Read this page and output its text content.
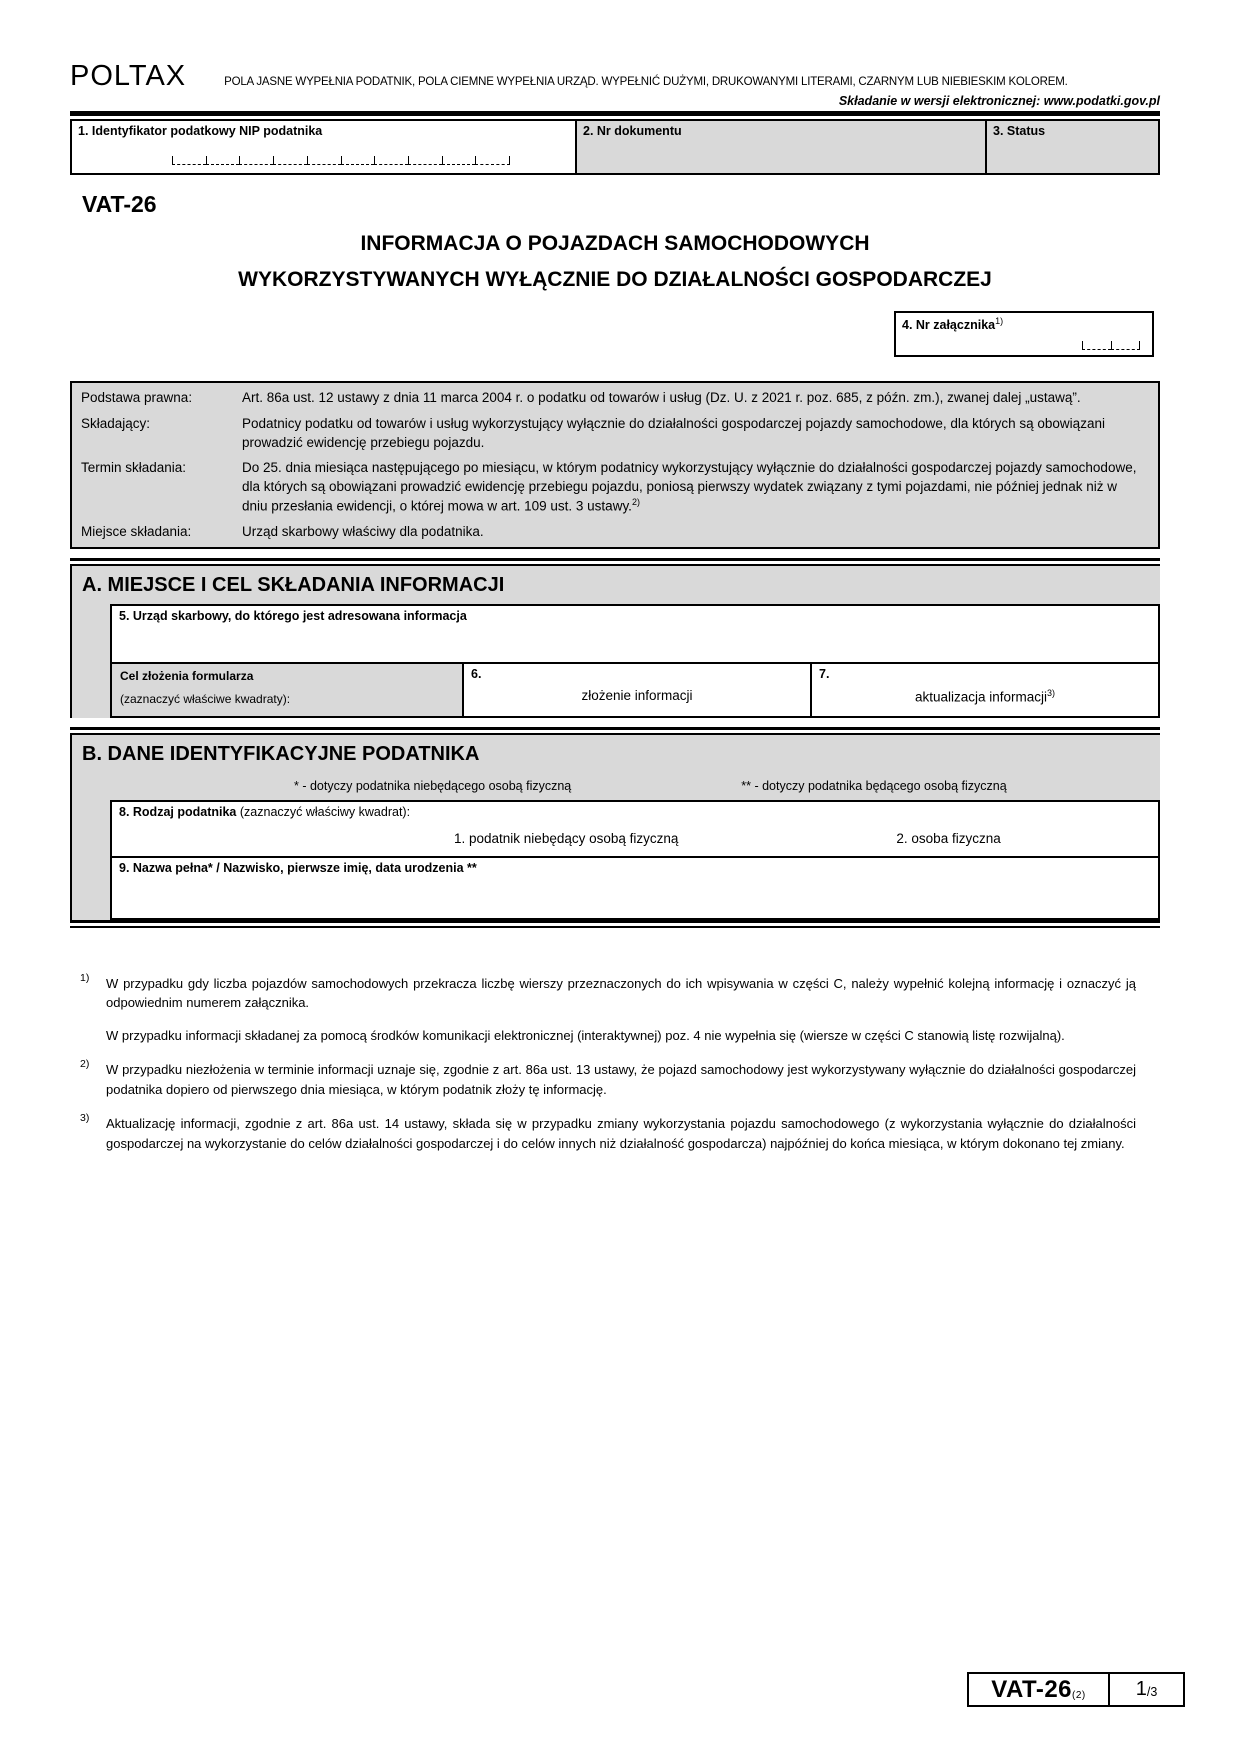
POLTAX	POLA JASNE WYPEŁNIA PODATNIK, POLA CIEMNE WYPEŁNIA URZĄD. WYPEŁNIĆ DUŻYMI, DRUKOWANYMI LITERAMI, CZARNYM LUB NIEBIESKIM KOLOREM.
Składanie w wersji elektronicznej: www.podatki.gov.pl
1. Identyfikator podatkowy NIP podatnika	2. Nr dokumentu	3. Status
VAT-26
INFORMACJA O POJAZDACH SAMOCHODOWYCH
WYKORZYSTYWANYCH WYŁĄCZNIE DO DZIAŁALNOŚCI GOSPODARCZEJ
4. Nr załącznika$^{1)}$
Podstawa prawna:	Art. 86a ust. 12 ustawy z dnia 11 marca 2004 r. o podatku od towarów i usług (Dz. U. z 2021 r. poz. 685, z późn. zm.), zwanej dalej „ustawą”.
Składający:	Podatnicy podatku od towarów i usług wykorzystujący wyłącznie do działalności gospodarczej pojazdy samochodowe, dla których są obowiązani prowadzić ewidencję przebiegu pojazdu.
Termin składania:	Do 25. dnia miesiąca następującego po miesiącu, w którym podatnicy wykorzystujący wyłącznie do działalności gospodarczej pojazdy samochodowe, dla których są obowiązani prowadzić ewidencję przebiegu pojazdu, poniosą pierwszy wydatek związany z tymi pojazdami, nie później jednak niż w dniu przesłania ewidencji, o której mowa w art. 109 ust. 3 ustawy.$^{2)}$
Miejsce składania:	Urząd skarbowy właściwy dla podatnika.
A. MIEJSCE I CEL SKŁADANIA INFORMACJI
5. Urząd skarbowy, do którego jest adresowana informacja
Cel złożenia formularza
(zaznaczyć właściwe kwadraty):
6.
złożenie informacji
7.
aktualizacja informacji$^{3)}$
B. DANE IDENTYFIKACYJNE PODATNIKA
* - dotyczy podatnika niebędącego osobą fizyczną	** - dotyczy podatnika będącego osobą fizyczną
8. Rodzaj podatnika (zaznaczyć właściwy kwadrat):
1. podatnik niebędący osobą fizyczną	2. osoba fizyczna
9. Nazwa pełna* / Nazwisko, pierwsze imię, data urodzenia **
1)	W przypadku gdy liczba pojazdów samochodowych przekracza liczbę wierszy przeznaczonych do ich wpisywania w części C, należy wypełnić kolejną informację i oznaczyć ją odpowiednim numerem załącznika.

W przypadku informacji składanej za pomocą środków komunikacji elektronicznej (interaktywnej) poz. 4 nie wypełnia się (wiersze w części C stanowią listę rozwijalną).

2)	W przypadku niezłożenia w terminie informacji uznaje się, zgodnie z art. 86a ust. 13 ustawy, że pojazd samochodowy jest wykorzystywany wyłącznie do działalności gospodarczej podatnika dopiero od pierwszego dnia miesiąca, w którym podatnik złoży tę informację.

3)	Aktualizację informacji, zgodnie z art. 86a ust. 14 ustawy, składa się w przypadku zmiany wykorzystania pojazdu samochodowego (z wykorzystania wyłącznie do działalności gospodarczej na wykorzystanie do celów działalności gospodarczej i do celów innych niż działalność gospodarcza) najpóźniej do końca miesiąca, w którym dokonano tej zmiany.

VAT-26 (2) 1 /3
